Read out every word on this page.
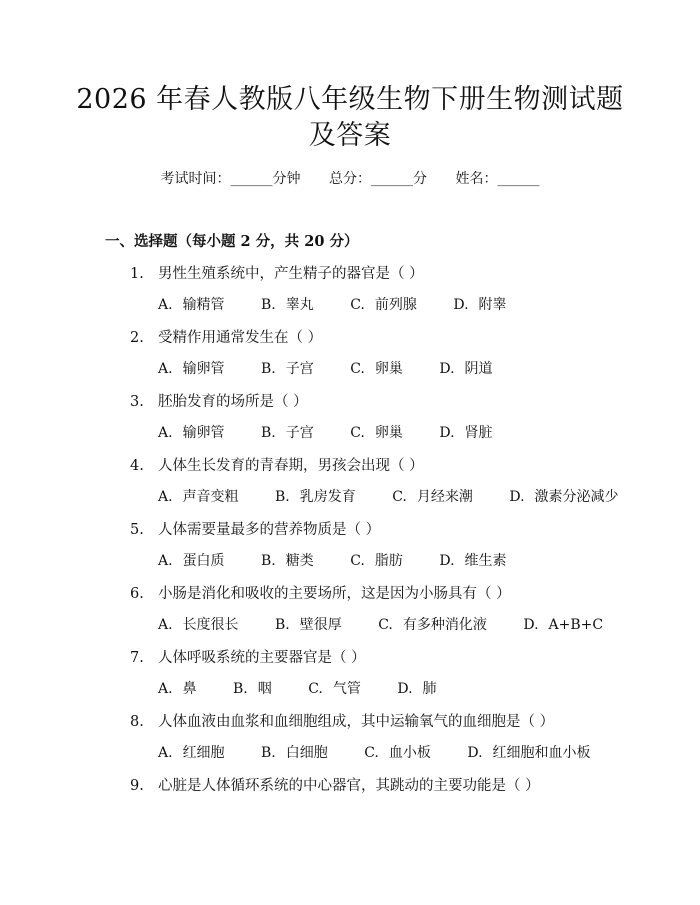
2026 年春人教版八年级生物下册生物测试题
及答案
考试时间：______分钟 总分：______分 姓名：______
一、选择题（每小题 2 分，共 20 分）
1. 男性生殖系统中，产生精子的器官是（ ）
A. 输精管	B. 睾丸	C. 前列腺	D. 附睾
2. 受精作用通常发生在（ ）
A. 输卵管	B. 子宫	C. 卵巢	D. 阴道
3. 胚胎发育的场所是（ ）
A. 输卵管	B. 子宫	C. 卵巢	D. 肾脏
4. 人体生长发育的青春期，男孩会出现（ ）
A. 声音变粗	B. 乳房发育	C. 月经来潮	D. 激素分泌减少
5. 人体需要量最多的营养物质是（ ）
A. 蛋白质	B. 糖类	C. 脂肪	D. 维生素
6. 小肠是消化和吸收的主要场所，这是因为小肠具有（ ）
A. 长度很长	B. 壁很厚	C. 有多种消化液	D. A+B+C
7. 人体呼吸系统的主要器官是（ ）
A. 鼻	B. 咽	C. 气管	D. 肺
8. 人体血液由血浆和血细胞组成，其中运输氧气的血细胞是（ ）
A. 红细胞	B. 白细胞	C. 血小板	D. 红细胞和血小板
9. 心脏是人体循环系统的中心器官，其跳动的主要功能是（ ）
